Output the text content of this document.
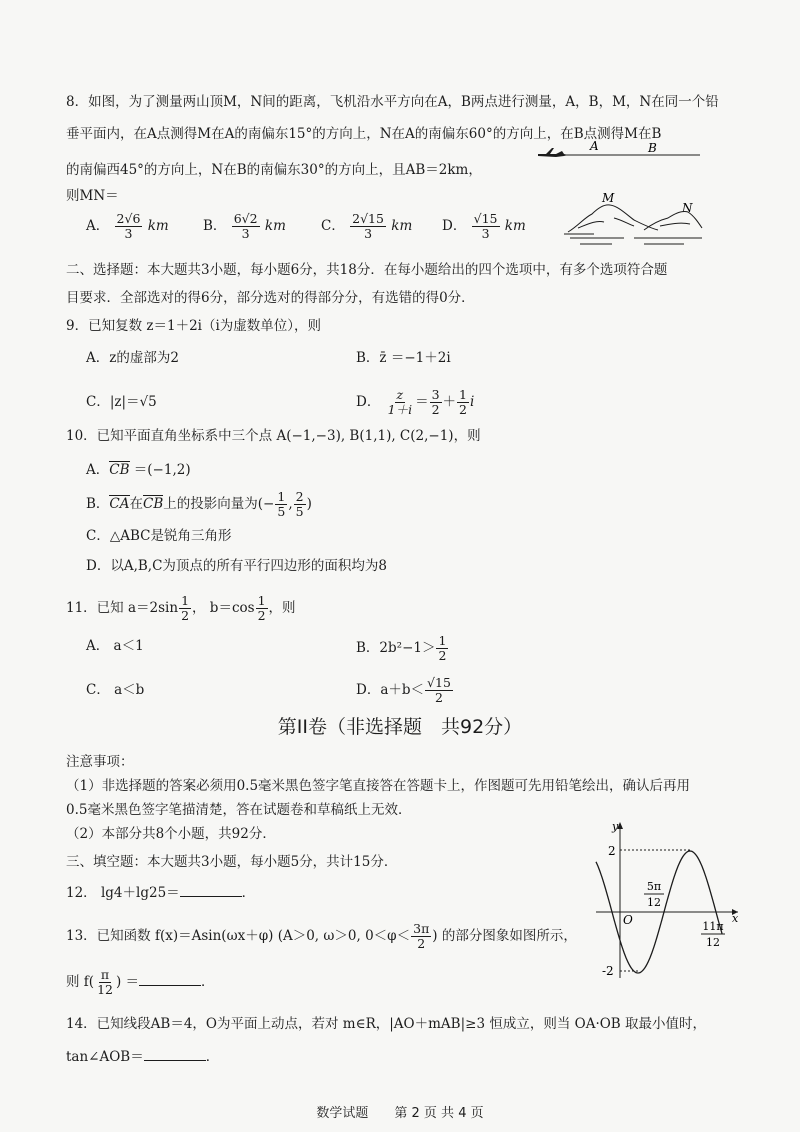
8．如图，为了测量两山顶M，N间的距离，飞机沿水平方向在A，B两点进行测量，A，B，M，N在同一个铅
垂平面内，在A点测得M在A的南偏东15°的方向上，N在A的南偏东60°的方向上，在B点测得M在B
的南偏西45°的方向上，N在B的南偏东30°的方向上，且AB＝2km，
则MN＝
A． $\frac{2√6}{3}$ km	B． $\frac{6√2}{3}$ km	C． $\frac{2√15}{3}$ km D． $\frac{√15}{3}$ km
A	B
M
N
二、选择题：本大题共3小题，每小题6分，共18分．在每小题给出的四个选项中，有多个选项符合题
目要求．全部选对的得6分，部分选对的得部分分，有选错的得0分．
9．已知复数 z＝1＋2i（i为虚数单位），则
A．z的虚部为2	B．z̄ ＝−1＋2i
C．|z|＝√5	D． $\frac{z}{1+i} = \frac{3}{2} + \frac{1}{2}$ i
10．已知平面直角坐标系中三个点 A(−1,−3), B(1,1), C(2,−1)，则
A．CB ＝(−1,2)
B．CA在CB上的投影向量为(− $\frac{1}{5}$ , $\frac{2}{5}$ )
C．△ABC是锐角三角形
D．以A,B,C为顶点的所有平行四边形的面积均为8
11．已知 $a=2\sin \frac{1}{2}$ ， $b=\cos \frac{1}{2}$ ，则
A． a＜1	B．$2b^2-1> \frac{1}{2}$
C． a＜b	D．$a+b< \frac{√15}{2}$
第II卷（非选择题　共92分）
注意事项：
（1）非选择题的答案必须用0.5毫米黑色签字笔直接答在答题卡上，作图题可先用铅笔绘出，确认后再用
0.5毫米黑色签字笔描清楚，答在试题卷和草稿纸上无效．
（2）本部分共8个小题，共92分．
三、填空题：本大题共3小题，每小题5分，共计15分．
12． lg4＋lg25＝	．
13．已知函数 f(x)＝Asin(ωx＋φ) (A＞0, ω＞0, $0<\varphi< \frac{3\pi}{2}$ ) 的部分图象如图所示，
则 $f( \frac{\pi}{12}$ ) ＝	．
y
x
O
2
-2
5π
12
11π
12
14．已知线段AB＝4，O为平面上动点，若对 m∈R，|AO＋mAB|≥3 恒成立，则当 OA·OB 取最小值时，
tan∠AOB＝	．
数学试题　　第 2 页 共 4 页
